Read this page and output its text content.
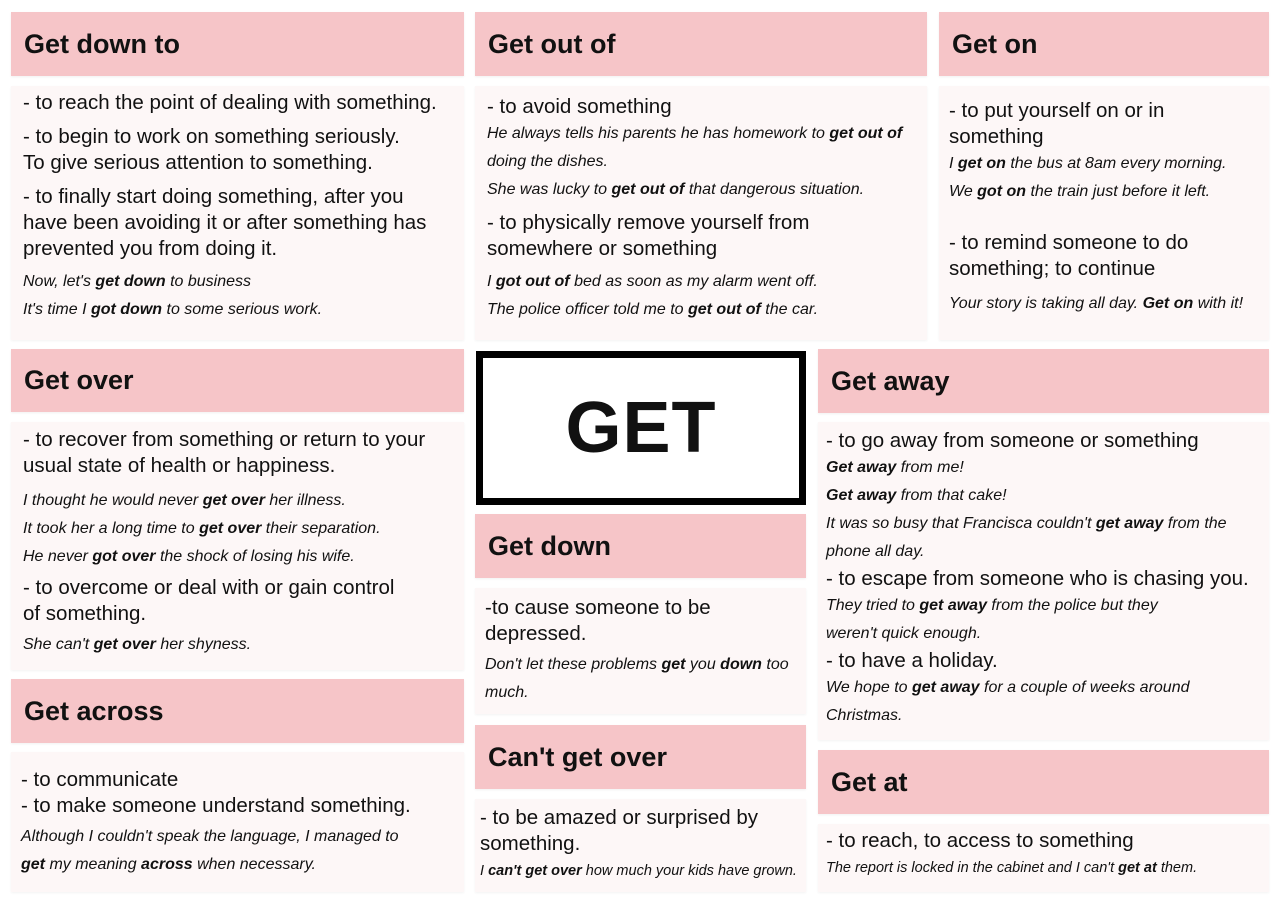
Get down to

- to reach the point of dealing with something.

- to begin to work on something seriously.

To give serious attention to something.

- to finally start doing something, after you have been avoiding it or after something has prevented you from doing it.

Now, let's get down to business

It's time I got down to some serious work.

Get out of

- to avoid something

He always tells his parents he has homework to get out of doing the dishes.

She was lucky to get out of that dangerous situation.

- to physically remove yourself from somewhere or something

I got out of bed as soon as my alarm went off.

The police officer told me to get out of the car.

Get on

- to put yourself on or in something

I get on the bus at 8am every morning.

We got on the train just before it left.

- to remind someone to do something; to continue

Your story is taking all day. Get on with it!

Get over

- to recover from something or return to your usual state of health or happiness.

I thought he would never get over her illness.

It took her a long time to get over their separation.

He never got over the shock of losing his wife.

- to overcome or deal with or gain control of something.

She can't get over her shyness.

Get across

- to communicate

- to make someone understand something.

Although I couldn't speak the language, I managed to get my meaning across when necessary.

GET
Get down

-to cause someone to be depressed.

Don't let these problems get you down too much.

Can't get over

- to be amazed or surprised by something.

I can't get over how much your kids have grown.

Get away

- to go away from someone or something

Get away from me!

Get away from that cake!

It was so busy that Francisca couldn't get away from the phone all day.

- to escape from someone who is chasing you.

They tried to get away from the police but they weren't quick enough.

- to have a holiday.

We hope to get away for a couple of weeks around Christmas.

Get at

- to reach, to access to something

The report is locked in the cabinet and I can't get at them.
